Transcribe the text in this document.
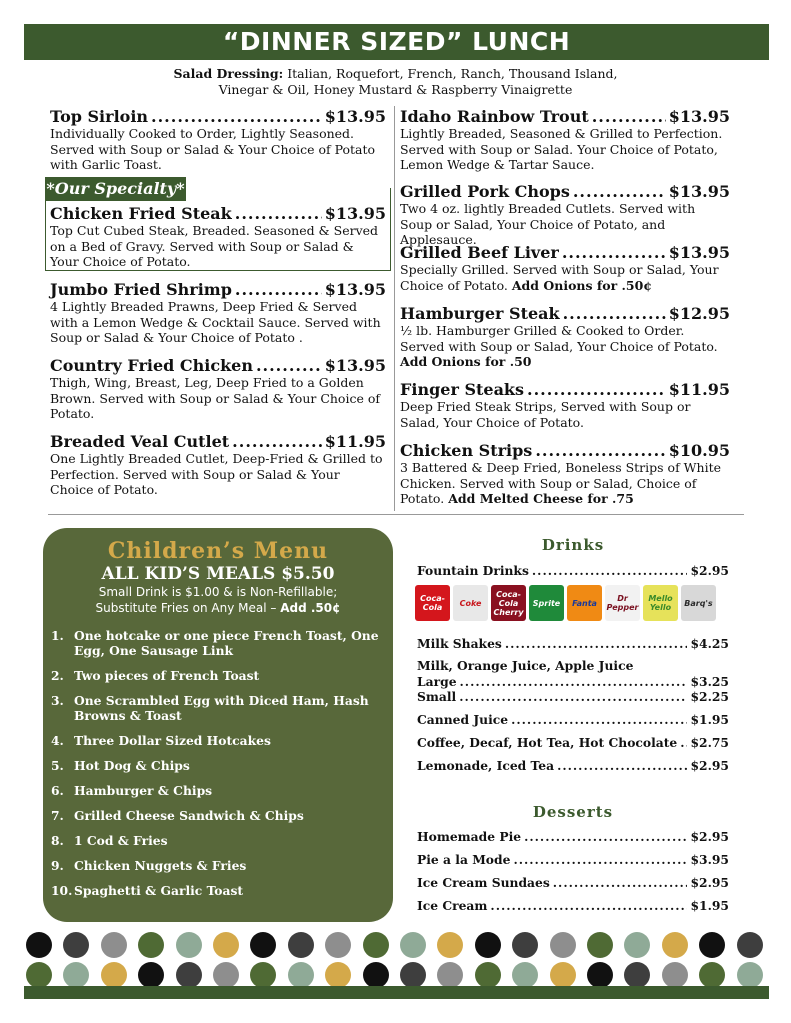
“DINNER SIZED” LUNCH
Salad Dressing: Italian, Roquefort, French, Ranch, Thousand Island,
Vinegar & Oil, Honey Mustard & Raspberry Vinaigrette
Top Sirloin .....	$13.95
Individually Cooked to Order, Lightly Seasoned. Served with Soup or Salad & Your Choice of Potato with Garlic Toast.
*Our Specialty*
Chicken Fried Steak .....	$13.95
Top Cut Cubed Steak, Breaded. Seasoned & Served on a Bed of Gravy. Served with Soup or Salad & Your Choice of Potato.
Jumbo Fried Shrimp .....	$13.95
4 Lightly Breaded Prawns, Deep Fried & Served with a Lemon Wedge & Cocktail Sauce. Served with Soup or Salad & Your Choice of Potato .
Country Fried Chicken .....	$13.95
Thigh, Wing, Breast, Leg, Deep Fried to a Golden Brown. Served with Soup or Salad & Your Choice of Potato.
Breaded Veal Cutlet .....	$11.95
One Lightly Breaded Cutlet, Deep-Fried & Grilled to Perfection. Served with Soup or Salad & Your Choice of Potato.
Idaho Rainbow Trout .....	$13.95
Lightly Breaded, Seasoned & Grilled to Perfection. Served with Soup or Salad. Your Choice of Potato, Lemon Wedge & Tartar Sauce.
Grilled Pork Chops .....	$13.95
Two 4 oz. lightly Breaded Cutlets. Served with Soup or Salad, Your Choice of Potato, and Applesauce.
Grilled Beef Liver .....	$13.95
Specially Grilled. Served with Soup or Salad, Your Choice of Potato. Add Onions for .50¢
Hamburger Steak .....	$12.95
½ lb. Hamburger Grilled & Cooked to Order. Served with Soup or Salad, Your Choice of Potato.
Add Onions for .50
Finger Steaks .....	$11.95
Deep Fried Steak Strips, Served with Soup or Salad, Your Choice of Potato.
Chicken Strips .....	$10.95
3 Battered & Deep Fried, Boneless Strips of White Chicken. Served with Soup or Salad, Choice of Potato. Add Melted Cheese for .75
Children’s Menu
ALL KID’S MEALS $5.50
Small Drink is $1.00 & is Non-Refillable;
Substitute Fries on Any Meal – Add .50¢
1. One hotcake or one piece French Toast, One Egg, One Sausage Link
2. Two pieces of French Toast
3. One Scrambled Egg with Diced Ham, Hash Browns & Toast
4. Three Dollar Sized Hotcakes
5. Hot Dog & Chips
6. Hamburger & Chips
7. Grilled Cheese Sandwich & Chips
8. 1 Cod & Fries
9. Chicken Nuggets & Fries
10. Spaghetti & Garlic Toast
Drinks
Fountain Drinks .....	$2.95
Coca-Cola	Coke
Coca-Cola Cherry
Sprite	Fanta	Dr Pepper
Mello Yello	Barq's
Milk Shakes .....	$4.25
Milk, Orange Juice, Apple Juice
Large .....	$3.25
Small .....	$2.25
Canned Juice .....	$1.95
Coffee, Decaf, Hot Tea, Hot Chocolate ..... $2.75
Lemonade, Iced Tea .....	$2.95
Desserts
Homemade Pie .....	$2.95
Pie a la Mode .....	$3.95
Ice Cream Sundaes .....	$2.95
Ice Cream .....	$1.95
